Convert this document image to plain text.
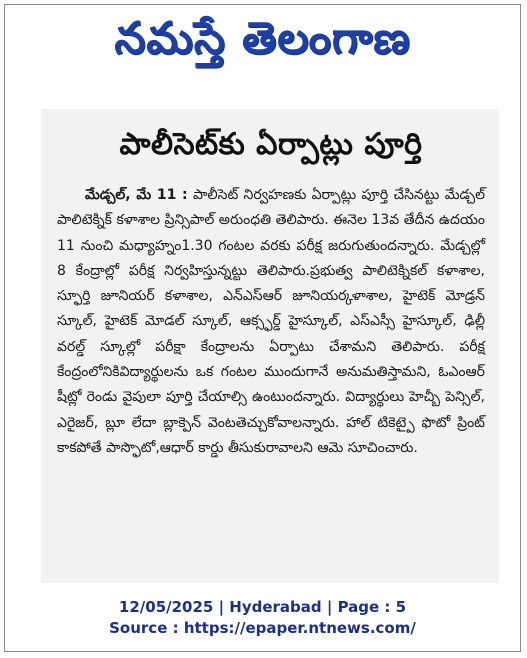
నమస్తే తెలంగాణ
పాలీసెట్‌కు ఏర్పాట్లు పూర్తి

మేడ్చల్, మే 11 : పాలీసెట్ నిర్వహణకు ఏర్పాట్లు పూర్తి చేసినట్టు మేడ్చల్ పాలిటెక్నిక్ కళాశాల ప్రిన్సిపాల్ అరుంధతి తెలిపారు. ఈనెల 13వ తేదీన ఉదయం 11 నుంచి మధ్యాహ్నం1.30 గంటల వరకు పరీక్ష జరుగుతుందన్నారు. మేడ్చల్లో 8 కేంద్రాల్లో పరీక్ష నిర్వహిస్తున్నట్టు తెలిపారు.ప్రభుత్వ పాలిటెక్నికల్ కళాశాల, స్ఫూర్తి జూనియర్ కళాశాల, ఎన్ఎస్ఆర్ జూనియర్కళాశాల, హైటెక్ మోడ్రన్ స్కూల్, హైటెక్ మోడల్ స్కూల్, ఆక్స్ఫర్డ్ హైస్కూల్, ఎస్ఎస్సీ హైస్కూల్, ఢిల్లీ వరల్డ్ స్కూల్లో పరీక్షా కేంద్రాలను ఏర్పాటు చేశామని తెలిపారు. పరీక్ష కేంద్రంలోనికివిద్యార్థులను ఒక గంటల ముందుగానే అనుమతిస్తామని, ఓఎంఆర్ షీట్లో రెండు వైపులా పూర్తి చేయాల్సి ఉంటుందన్నారు. విద్యార్థులు హెచ్బీ పెన్సిల్, ఎరైజర్, బ్లూ లేదా బ్లాక్పెన్ వెంటతెచ్చుకోవాలన్నారు. హాల్ టికెట్పై ఫొటో ప్రింట్ కాకపోతే పాస్ఫొటో,ఆధార్ కార్డు తీసుకురావాలని ఆమె సూచించారు.

12/05/2025 | Hyderabad | Page : 5
Source : https://epaper.ntnews.com/
